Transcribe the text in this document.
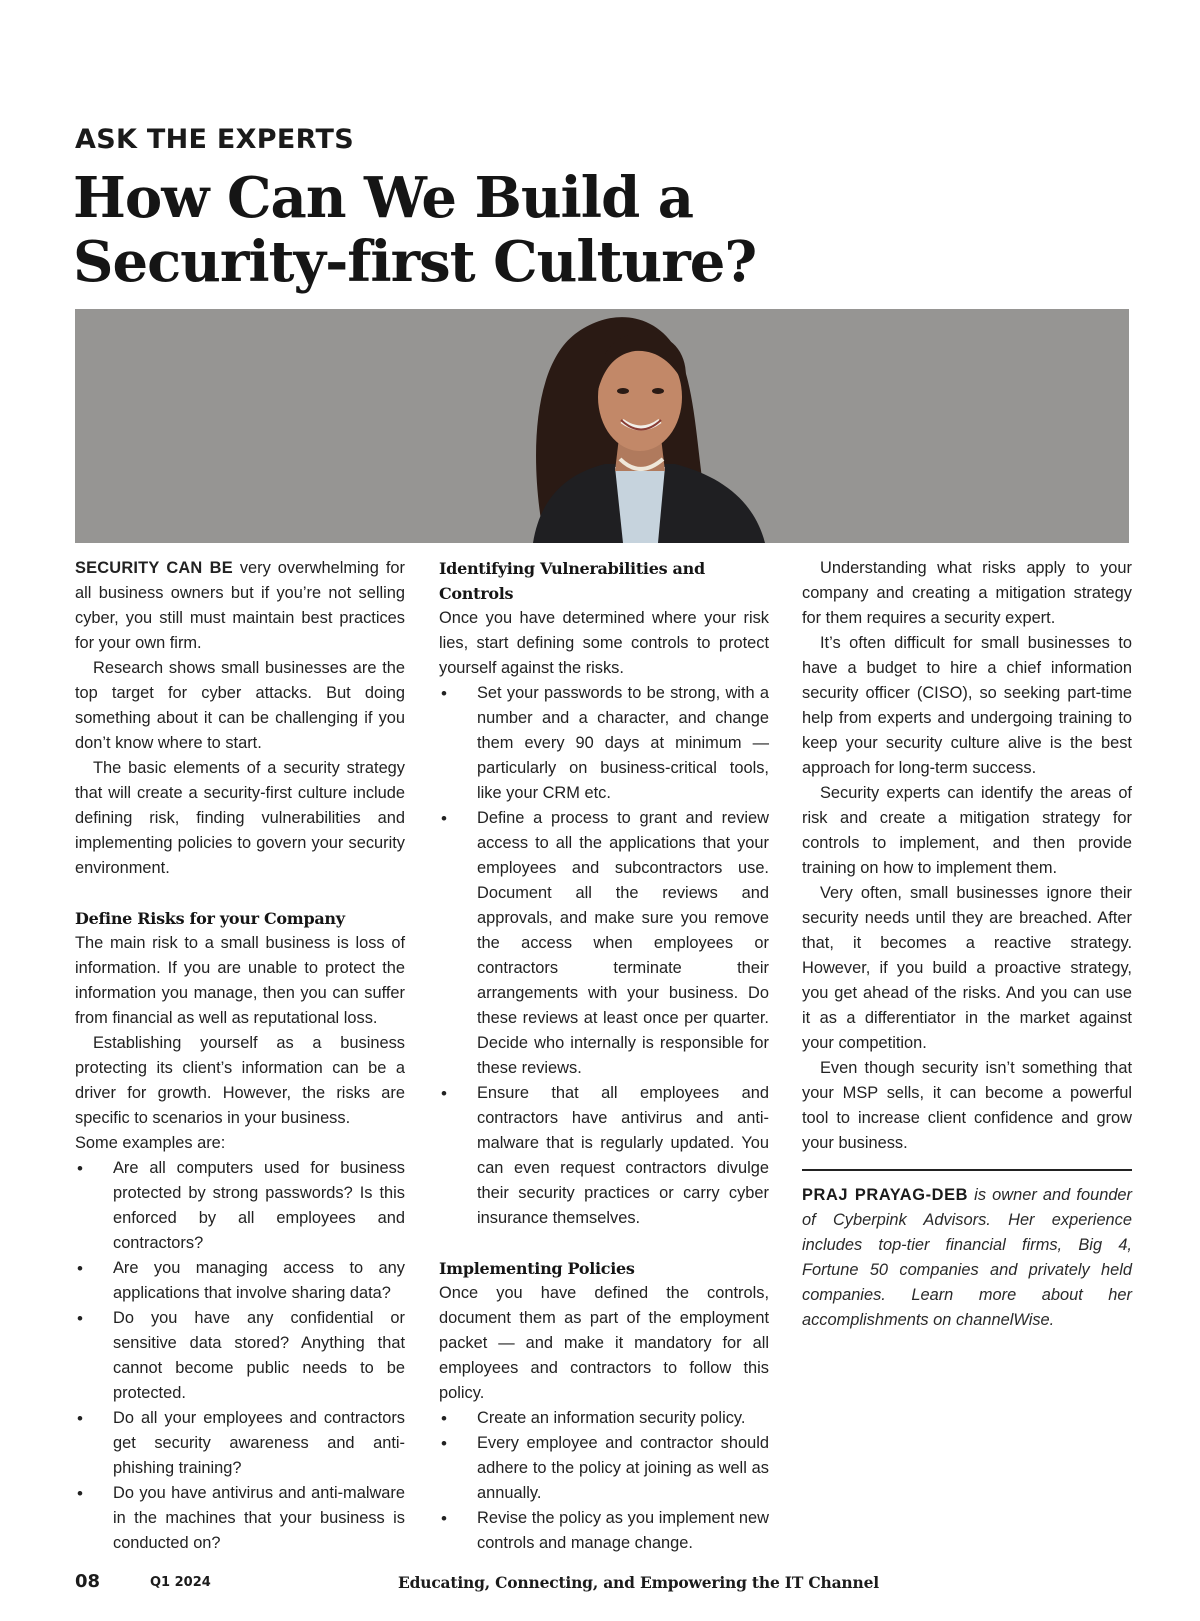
ASK THE EXPERTS
How Can We Build a
Security-first Culture?

SECURITY CAN BE very overwhelming for all business owners but if you’re not selling cyber, you still must maintain best practices for your own firm.

Research shows small businesses are the top target for cyber attacks. But doing something about it can be challenging if you don’t know where to start.

The basic elements of a security strategy that will create a security-first culture include defining risk, finding vulnerabilities and implementing policies to govern your security environment.

Define Risks for your Company

The main risk to a small business is loss of information. If you are unable to protect the information you manage, then you can suffer from financial as well as reputational loss.

Establishing yourself as a business protecting its client’s information can be a driver for growth. However, the risks are specific to scenarios in your business.

Some examples are:

• Are all computers used for business protected by strong passwords? Is this enforced by all employees and contractors?
• Are you managing access to any applications that involve sharing data?
• Do you have any confidential or sensitive data stored? Anything that cannot become public needs to be protected.
• Do all your employees and contractors get security awareness and anti-phishing training?
• Do you have antivirus and anti-malware in the machines that your business is conducted on?
Identifying Vulnerabilities and Controls

Once you have determined where your risk lies, start defining some controls to protect yourself against the risks.

• Set your passwords to be strong, with a number and a character, and change them every 90 days at minimum — particularly on business-critical tools, like your CRM etc.
• Define a process to grant and review access to all the applications that your employees and subcontractors use. Document all the reviews and approvals, and make sure you remove the access when employees or contractors terminate their arrangements with your business. Do these reviews at least once per quarter. Decide who internally is responsible for these reviews.
• Ensure that all employees and contractors have antivirus and anti-malware that is regularly updated. You can even request contractors divulge their security practices or carry cyber insurance themselves.
Implementing Policies

Once you have defined the controls, document them as part of the employment packet — and make it mandatory for all employees and contractors to follow this policy.

• Create an information security policy.
• Every employee and contractor should adhere to the policy at joining as well as annually.
• Revise the policy as you implement new controls and manage change.

Understanding what risks apply to your company and creating a mitigation strategy for them requires a security expert.

It’s often difficult for small businesses to have a budget to hire a chief information security officer (CISO), so seeking part-time help from experts and undergoing training to keep your security culture alive is the best approach for long-term success.

Security experts can identify the areas of risk and create a mitigation strategy for controls to implement, and then provide training on how to implement them.

Very often, small businesses ignore their security needs until they are breached. After that, it becomes a reactive strategy. However, if you build a proactive strategy, you get ahead of the risks. And you can use it as a differentiator in the market against your competition.

Even though security isn’t something that your MSP sells, it can become a powerful tool to increase client confidence and grow your business.

PRAJ PRAYAG-DEB is owner and founder of Cyberpink Advisors. Her experience includes top-tier financial firms, Big 4, Fortune 50 companies and privately held companies. Learn more about her accomplishments on channelWise.

08	Q1 2024	Educating, Connecting, and Empowering the IT Channel
